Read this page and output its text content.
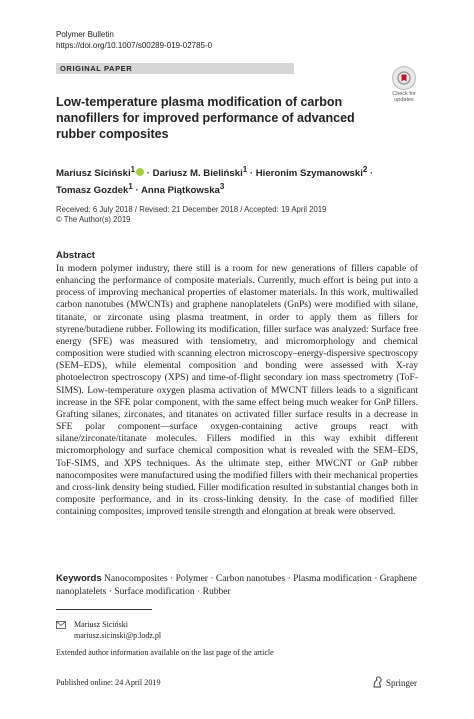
Polymer Bulletin
https://doi.org/10.1007/s00289-019-02785-0
ORIGINAL PAPER
Check for updates
Low-temperature plasma modification of carbon nanofillers for improved performance of advanced rubber composites
Mariusz Siciński$^1$ · Dariusz M. Bieliński$^1$ · Hieronim Szymanowski$^2$ ·
Tomasz Gozdek$^1$ · Anna Piątkowska$^3$
Received: 6 July 2018 / Revised: 21 December 2018 / Accepted: 19 April 2019
© The Author(s) 2019
Abstract

In modern polymer industry, there still is a room for new generations of fillers capable of enhancing the performance of composite materials. Currently, much effort is being put into a process of improving mechanical properties of elastomer materials. In this work, multiwalled carbon nanotubes (MWCNTs) and graphene nanoplatelets (GnPs) were modified with silane, titanate, or zirconate using plasma treatment, in order to apply them as fillers for styrene/butadiene rubber. Following its modification, filler surface was analyzed: Surface free energy (SFE) was measured with tensiometry, and micromorphology and chemical composition were studied with scanning electron microscopy–energy-dispersive spectroscopy (SEM–EDS), while elemental composition and bonding were assessed with X-ray photoelectron spectroscopy (XPS) and time-of-flight secondary ion mass spectrometry (ToF-SIMS). Low-temperature oxygen plasma activation of MWCNT fillers leads to a significant increase in the SFE polar component, with the same effect being much weaker for GnP fillers. Grafting silanes, zirconates, and titanates on activated filler surface results in a decrease in SFE polar component—surface oxygen-containing active groups react with silane/zirconate/titanate molecules. Fillers modified in this way exhibit different micromorphology and surface chemical composition what is revealed with the SEM–EDS, ToF-SIMS, and XPS techniques. As the ultimate step, either MWCNT or GnP rubber nanocomposites were manufactured using the modified fillers with their mechanical properties and cross-link density being studied. Filler modification resulted in substantial changes both in composite performance, and in its cross-linking density. In the case of modified filler containing composites, improved tensile strength and elongation at break were observed.

Keywords Nanocomposites · Polymer · Carbon nanotubes · Plasma modification · Graphene nanoplatelets · Surface modification · Rubber
Mariusz Siciński
mariusz.sicinski@p.lodz.pl
Extended author information available on the last page of the article
Published online: 24 April 2019	Springer
